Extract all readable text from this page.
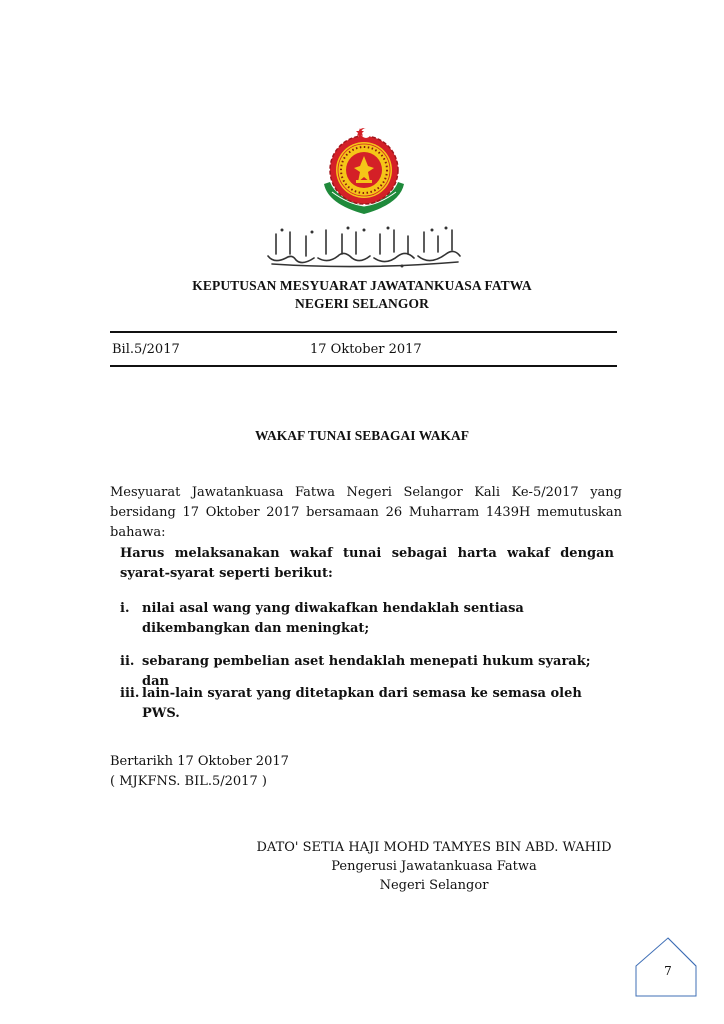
KEPUTUSAN MESYUARAT JAWATANKUASA FATWA
NEGERI SELANGOR
Bil.5/2017	17 Oktober 2017
WAKAF TUNAI SEBAGAI WAKAF
Mesyuarat Jawatankuasa Fatwa Negeri Selangor Kali Ke-5/2017 yang bersidang 17 Oktober 2017 bersamaan 26 Muharram 1439H memutuskan bahawa:
Harus melaksanakan wakaf tunai sebagai harta wakaf dengan syarat-syarat seperti berikut:
i. nilai asal wang yang diwakafkan hendaklah sentiasa dikembangkan dan meningkat;
ii. sebarang pembelian aset hendaklah menepati hukum syarak; dan
iii. lain-lain syarat yang ditetapkan dari semasa ke semasa oleh PWS.
Bertarikh 17 Oktober 2017
( MJKFNS. BIL.5/2017 )
DATO' SETIA HAJI MOHD TAMYES BIN ABD. WAHID
Pengerusi Jawatankuasa Fatwa
Negeri Selangor
7
